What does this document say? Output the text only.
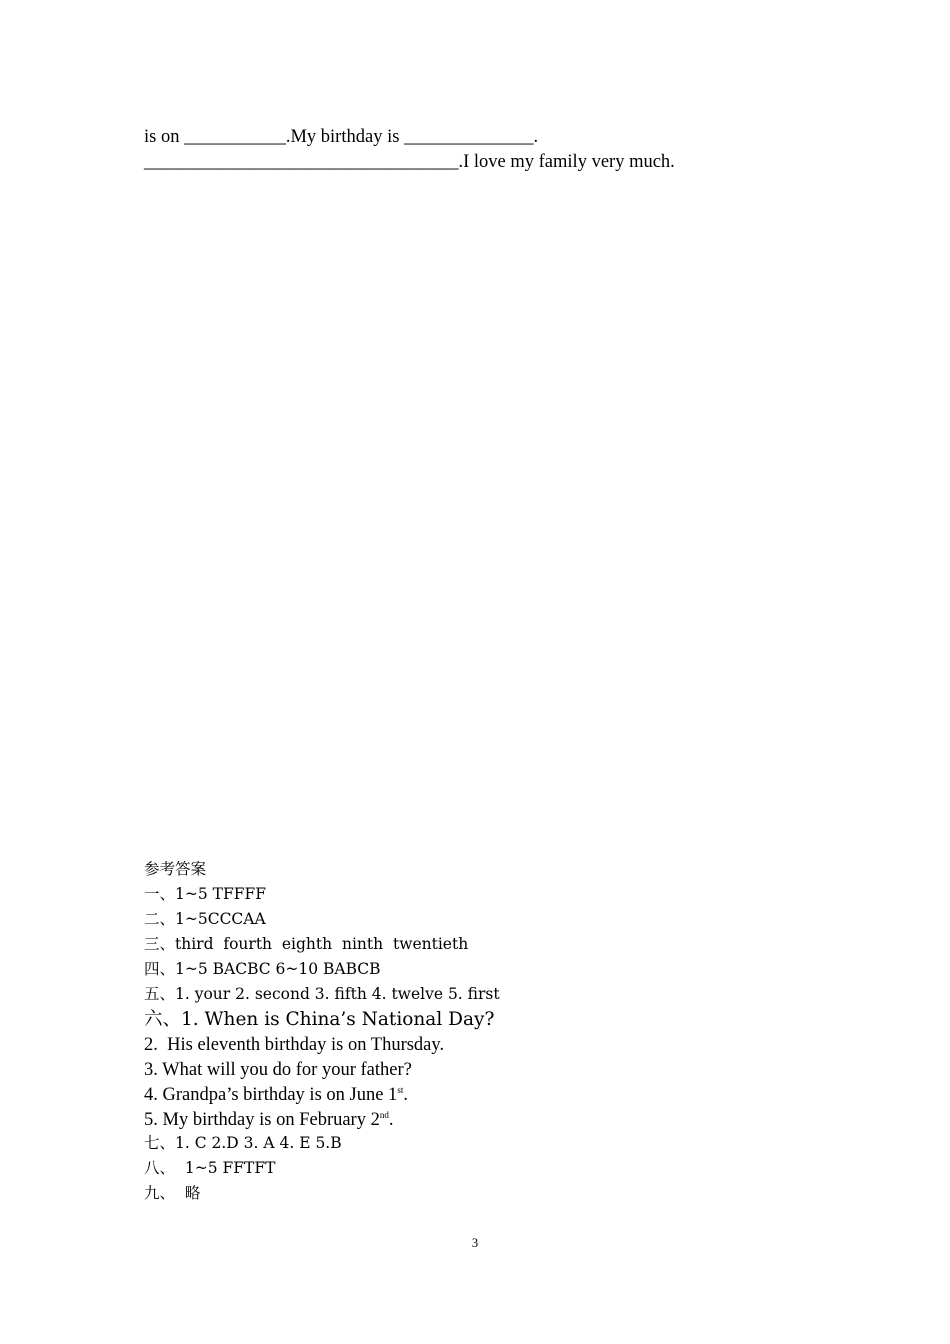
is on ___________.My birthday is ______________.
__________________________________.I love my family very much.
参考答案
一、1~5 TFFFF
二、1~5CCCAA
三、third  fourth  eighth  ninth  twentieth
四、1~5 BACBC 6~10 BABCB
五、1. your 2. second 3. fifth 4. twelve 5. first
六、1. When is China’s National Day?
2.  His eleventh birthday is on Thursday.
3. What will you do for your father?
4. Grandpa’s birthday is on June 1st.
5. My birthday is on February 2nd.
七、1. C 2.D 3. A 4. E 5.B
八、  1~5 FFTFT
九、  略
3
